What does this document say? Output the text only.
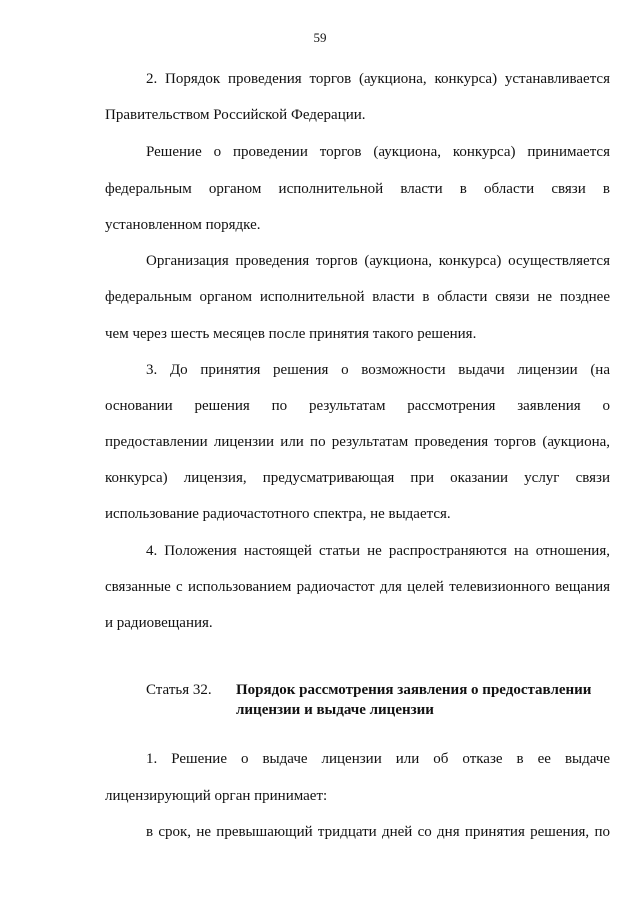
59
2. Порядок проведения торгов (аукциона, конкурса) устанавливается
Правительством Российской Федерации.
Решение о проведении торгов (аукциона, конкурса) принимается
федеральным органом исполнительной власти в области связи в
установленном порядке.
Организация проведения торгов (аукциона, конкурса) осуществляется
федеральным органом исполнительной власти в области связи не позднее
чем через шесть месяцев после принятия такого решения.
3. До принятия решения о возможности выдачи лицензии (на
основании решения по результатам рассмотрения заявления о
предоставлении лицензии или по результатам проведения торгов (аукциона,
конкурса) лицензия, предусматривающая при оказании услуг связи
использование радиочастотного спектра, не выдается.
4. Положения настоящей статьи не распространяются на отношения,
связанные с использованием радиочастот для целей телевизионного вещания
и радиовещания.
Статья 32. Порядок рассмотрения заявления о предоставлении
лицензии и выдаче лицензии
1. Решение о выдаче лицензии или об отказе в ее выдаче
лицензирующий орган принимает:
в срок, не превышающий тридцати дней со дня принятия решения, по
